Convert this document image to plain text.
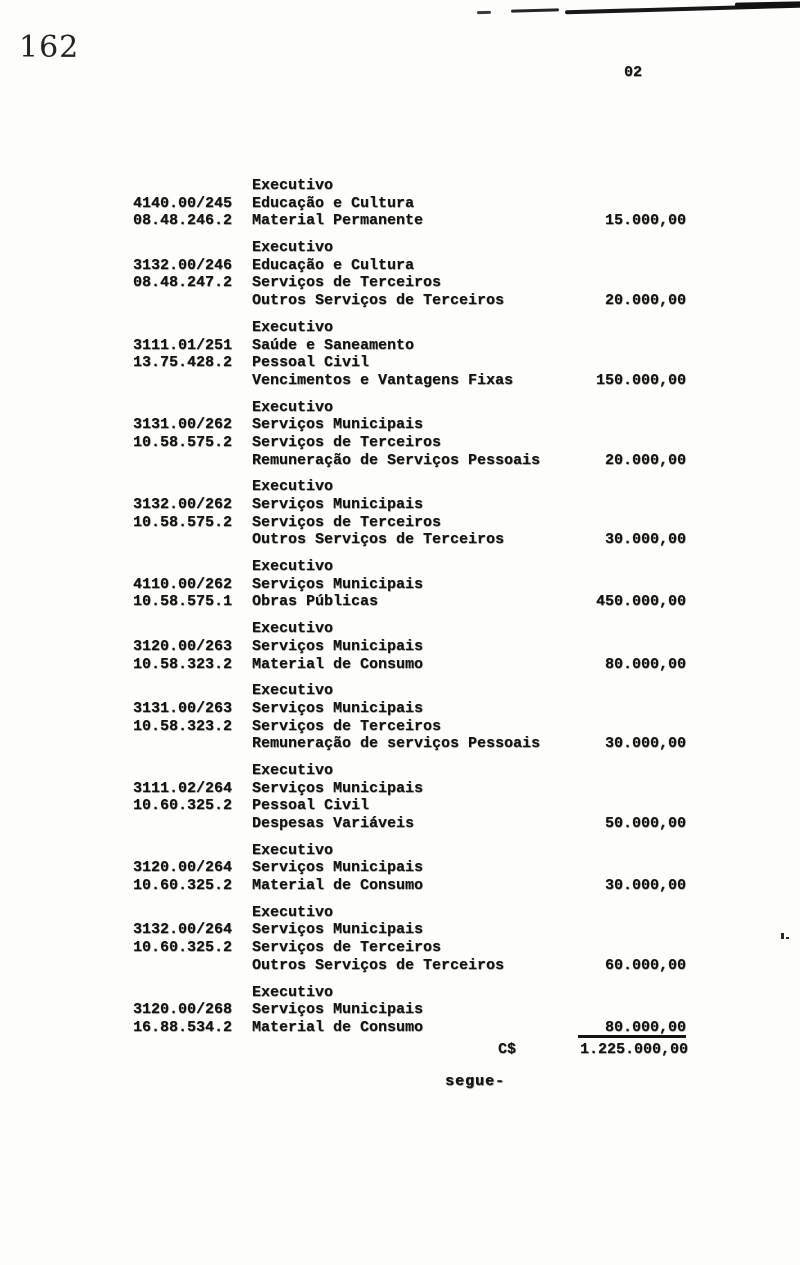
162
02
Executivo
4140.00/245 Educação e Cultura
08.48.246.2 Material Permanente	15.000,00
Executivo
3132.00/246 Educação e Cultura
08.48.247.2 Serviços de Terceiros
Outros Serviços de Terceiros	20.000,00
Executivo
3111.01/251 Saúde e Saneamento
13.75.428.2 Pessoal Civil
Vencimentos e Vantagens Fixas	150.000,00
Executivo
3131.00/262 Serviços Municipais
10.58.575.2 Serviços de Terceiros
Remuneração de Serviços Pessoais	20.000,00
Executivo
3132.00/262 Serviços Municipais
10.58.575.2 Serviços de Terceiros
Outros Serviços de Terceiros	30.000,00
Executivo
4110.00/262 Serviços Municipais
10.58.575.1 Obras Públicas	450.000,00
Executivo
3120.00/263 Serviços Municipais
10.58.323.2 Material de Consumo	80.000,00
Executivo
3131.00/263 Serviços Municipais
10.58.323.2 Serviços de Terceiros
Remuneração de serviços Pessoais	30.000,00
Executivo
3111.02/264 Serviços Municipais
10.60.325.2 Pessoal Civil
Despesas Variáveis	50.000,00
Executivo
3120.00/264 Serviços Municipais
10.60.325.2 Material de Consumo	30.000,00
Executivo
3132.00/264 Serviços Municipais
10.60.325.2 Serviços de Terceiros
Outros Serviços de Terceiros	60.000,00
Executivo
3120.00/268 Serviços Municipais
16.88.534.2 Material de Consumo	80.000,00
C$	1.225.000,00
segue-
